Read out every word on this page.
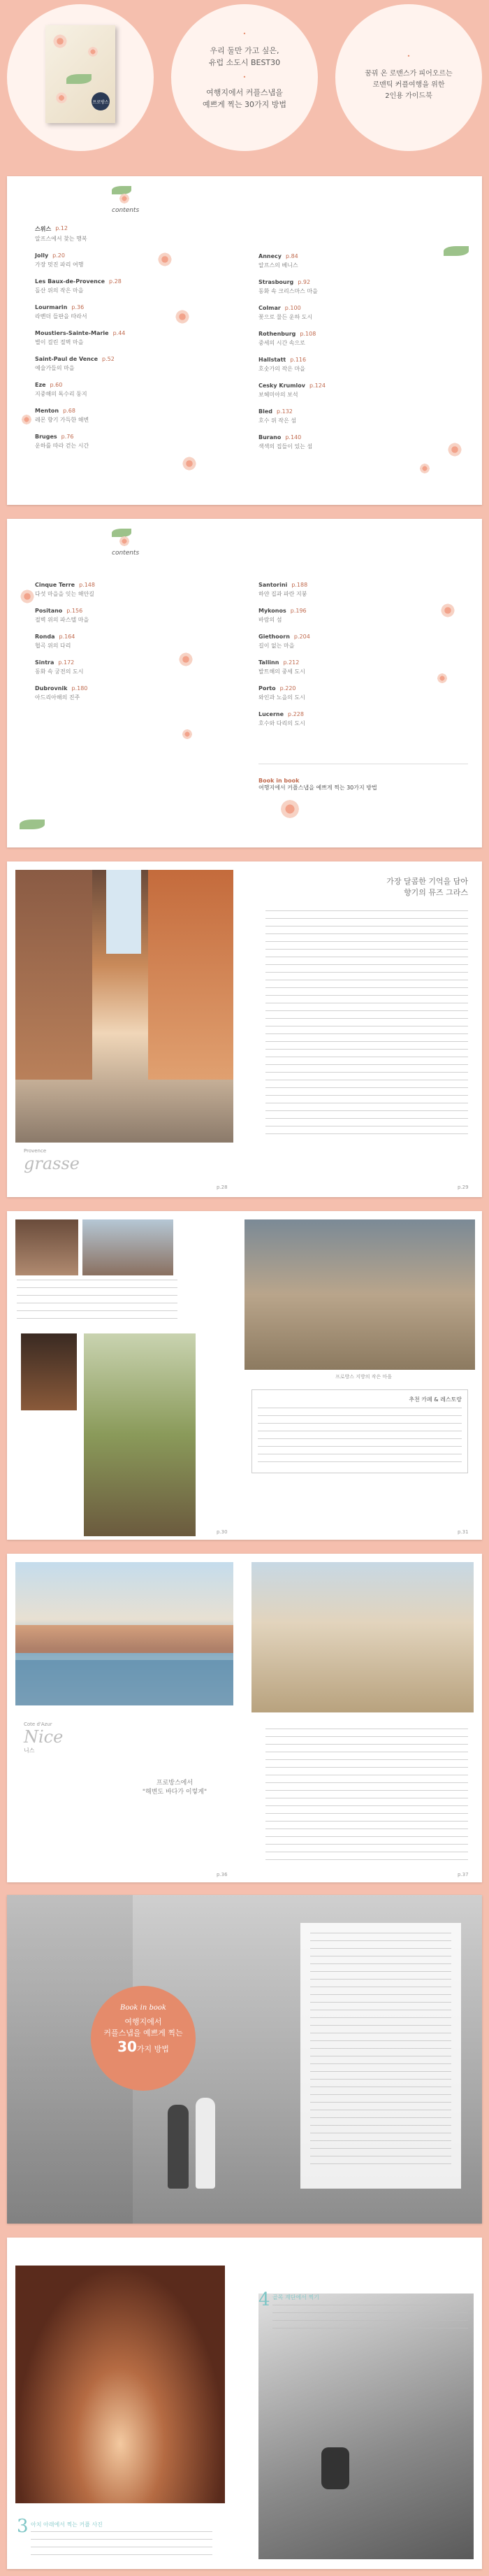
프로방스
•
우리 둘만 가고 싶은,
유럽 소도시 BEST30
•
여행지에서 커플스냅을
예쁘게 찍는 30가지 방법
•
꿈꿔 온 로맨스가 피어오르는
로맨틱 커플여행을 위한
2인용 가이드북
contents
스위스 p.12
알프스에서 찾는 행복
Jolly p.20
가장 멋진 파리 여행
Les Baux-de-Provence p.28
돌산 위의 작은 마을
Lourmarin p.36
라벤더 들판을 따라서
Moustiers-Sainte-Marie p.44
별이 걸린 절벽 마을
Saint-Paul de Vence p.52
예술가들의 마을
Eze p.60
지중해의 독수리 둥지
Menton p.68
레몬 향기 가득한 해변
Bruges p.76
운하를 따라 걷는 시간
Annecy p.84
알프스의 베니스
Strasbourg p.92
동화 속 크리스마스 마을
Colmar p.100
꽃으로 물든 운하 도시
Rothenburg p.108
중세의 시간 속으로
Hallstatt p.116
호숫가의 작은 마을
Cesky Krumlov p.124
보헤미아의 보석
Bled p.132
호수 위 작은 섬
Burano p.140
색색의 집들이 있는 섬
contents
Cinque Terre p.148
다섯 마을을 잇는 해안길
Positano p.156
절벽 위의 파스텔 마을
Ronda p.164
협곡 위의 다리
Sintra p.172
동화 속 궁전의 도시
Dubrovnik p.180
아드리아해의 진주
Santorini p.188
하얀 집과 파란 지붕
Mykonos p.196
바람의 섬
Giethoorn p.204
길이 없는 마을
Tallinn p.212
발트해의 중세 도시
Porto p.220
와인과 노을의 도시
Lucerne p.228
호수와 다리의 도시
Book in book
여행지에서 커플스냅을 예쁘게 찍는 30가지 방법
Provence
grasse
가장 달콤한 기억을 담아
향기의 뮤즈 그라스
p.28	p.29
프로방스 지방의 작은 마을
추천 카페 & 레스토랑
p.30	p.31
Cote d'Azur
Nice
니스
프로방스에서
"해변도 바다가 이렇게"
p.36	p.37
Book in book
여행지에서
커플스냅을 예쁘게 찍는
30가지 방법
3 아치 아래에서 찍는 커플 사진
4 골목 계단에서 찍기
